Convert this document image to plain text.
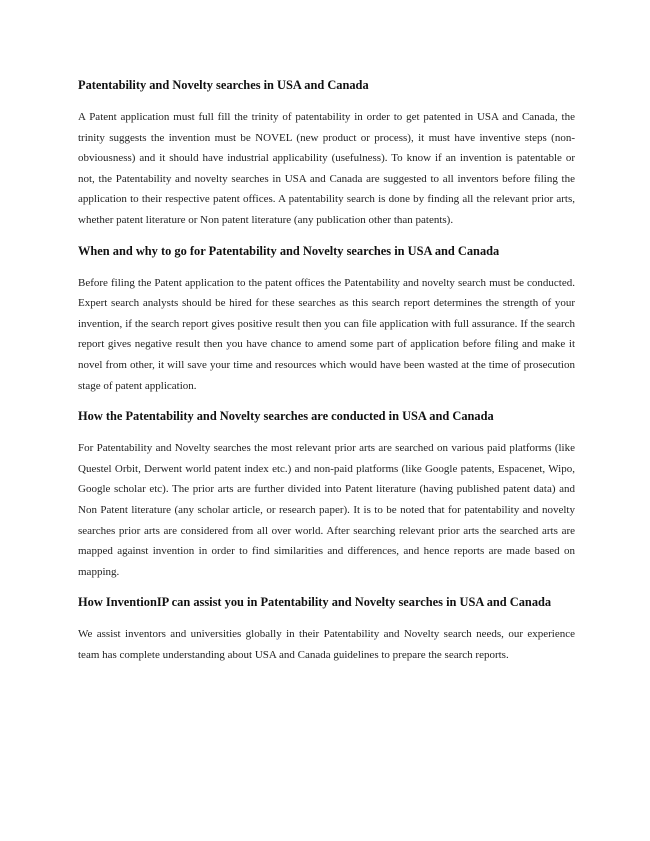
Patentability and Novelty searches in USA and Canada

A Patent application must full fill the trinity of patentability in order to get patented in USA and Canada, the trinity suggests the invention must be NOVEL (new product or process), it must have inventive steps (non-obviousness) and it should have industrial applicability (usefulness). To know if an invention is patentable or not, the Patentability and novelty searches in USA and Canada are suggested to all inventors before filing the application to their respective patent offices. A patentability search is done by finding all the relevant prior arts, whether patent literature or Non patent literature (any publication other than patents).

When and why to go for Patentability and Novelty searches in USA and Canada

Before filing the Patent application to the patent offices the Patentability and novelty search must be conducted. Expert search analysts should be hired for these searches as this search report determines the strength of your invention, if the search report gives positive result then you can file application with full assurance. If the search report gives negative result then you have chance to amend some part of application before filing and make it novel from other, it will save your time and resources which would have been wasted at the time of prosecution stage of patent application.

How the Patentability and Novelty searches are conducted in USA and Canada

For Patentability and Novelty searches the most relevant prior arts are searched on various paid platforms (like Questel Orbit, Derwent world patent index etc.) and non-paid platforms (like Google patents, Espacenet, Wipo, Google scholar etc). The prior arts are further divided into Patent literature (having published patent data) and Non Patent literature (any scholar article, or research paper). It is to be noted that for patentability and novelty searches prior arts are considered from all over world. After searching relevant prior arts the searched arts are mapped against invention in order to find similarities and differences, and hence reports are made based on mapping.

How InventionIP can assist you in Patentability and Novelty searches in USA and Canada

We assist inventors and universities globally in their Patentability and Novelty search needs, our experience team has complete understanding about USA and Canada guidelines to prepare the search reports.
